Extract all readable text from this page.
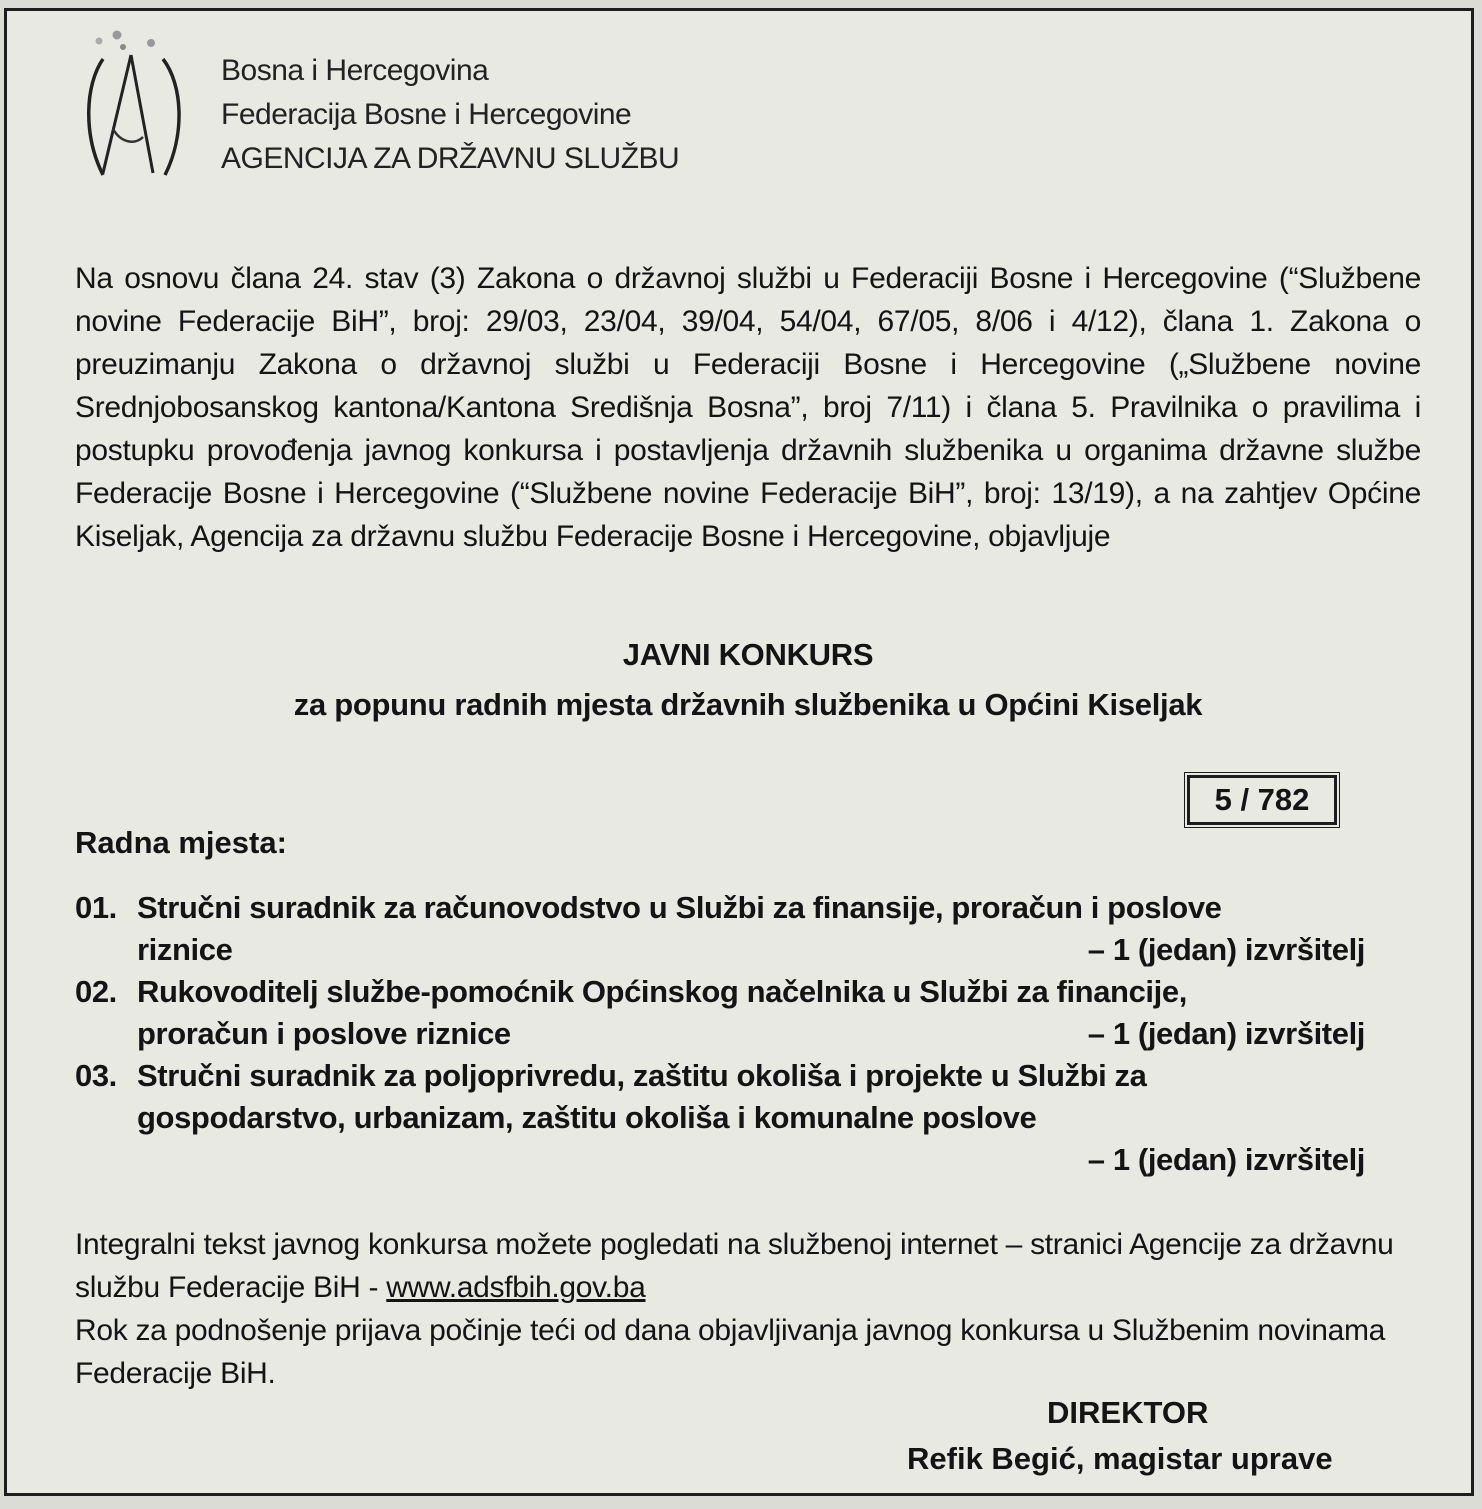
Bosna i Hercegovina
Federacija Bosne i Hercegovine
AGENCIJA ZA DRŽAVNU SLUŽBU
Na osnovu člana 24. stav (3) Zakona o državnoj službi u Federaciji Bosne i Hercegovine (“Službene novine Federacije BiH”, broj: 29/03, 23/04, 39/04, 54/04, 67/05, 8/06 i 4/12), člana 1. Zakona o preuzimanju Zakona o državnoj službi u Federaciji Bosne i Hercegovine („Službene novine Srednjobosanskog kantona/Kantona Središnja Bosna”, broj 7/11) i člana 5. Pravilnika o pravilima i postupku provođenja javnog konkursa i postavljenja državnih službenika u organima državne službe Federacije Bosne i Hercegovine (“Službene novine Federacije BiH”, broj: 13/19), a na zahtjev Općine Kiseljak, Agencija za državnu službu Federacije Bosne i Hercegovine, objavljuje
JAVNI KONKURS
za popunu radnih mjesta državnih službenika u Općini Kiseljak
5 / 782
Radna mjesta:
01. Stručni suradnik za računovodstvo u Službi za finansije, proračun i poslove
riznice	– 1 (jedan) izvršitelj
02. Rukovoditelj službe-pomoćnik Općinskog načelnika u Službi za financije,
proračun i poslove riznice	– 1 (jedan) izvršitelj
03. Stručni suradnik za poljoprivredu, zaštitu okoliša i projekte u Službi za
gospodarstvo, urbanizam, zaštitu okoliša i komunalne poslove
– 1 (jedan) izvršitelj
Integralni tekst javnog konkursa možete pogledati na službenoj internet – stranici Agencije za državnu službu Federacije BiH - www.adsfbih.gov.ba
Rok za podnošenje prijava počinje teći od dana objavljivanja javnog konkursa u Službenim novinama Federacije BiH.
DIREKTOR
Refik Begić, magistar uprave
